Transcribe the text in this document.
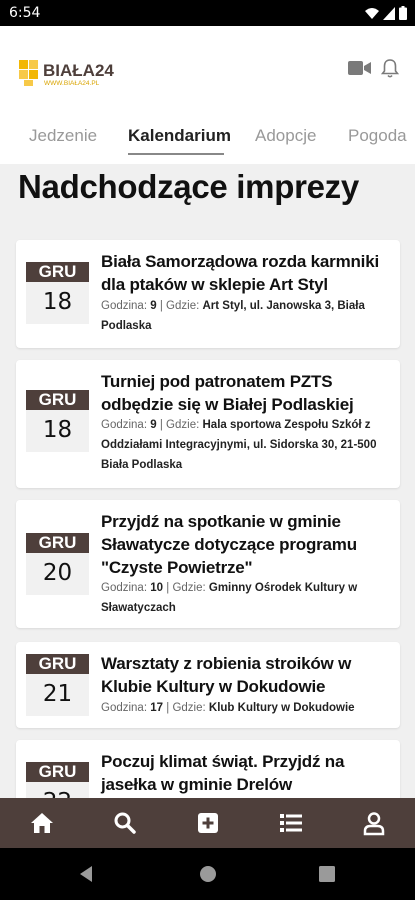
6:54
BIAŁA24
WWW.BIAŁA24.PL
Jedzenie Kalendarium Adopcje Pogoda
Nadchodzące imprezy
GRU
18
Biała Samorządowa rozda karmniki dla ptaków w sklepie Art Styl
Godzina: 9 | Gdzie: Art Styl, ul. Janowska 3, Biała Podlaska
GRU
18
Turniej pod patronatem PZTS odbędzie się w Białej Podlaskiej
Godzina: 9 | Gdzie: Hala sportowa Zespołu Szkół z Oddziałami Integracyjnymi, ul. Sidorska 30, 21-500 Biała Podlaska
GRU
20
Przyjdź na spotkanie w gminie Sławatycze dotyczące programu "Czyste Powietrze"
Godzina: 10 | Gdzie: Gminny Ośrodek Kultury w Sławatyczach
GRU
21
Warsztaty z robienia stroików w Klubie Kultury w Dokudowie
Godzina: 17 | Gdzie: Klub Kultury w Dokudowie
GRU
Poczuj klimat świąt. Przyjdź na jasełka w gminie Drelów
